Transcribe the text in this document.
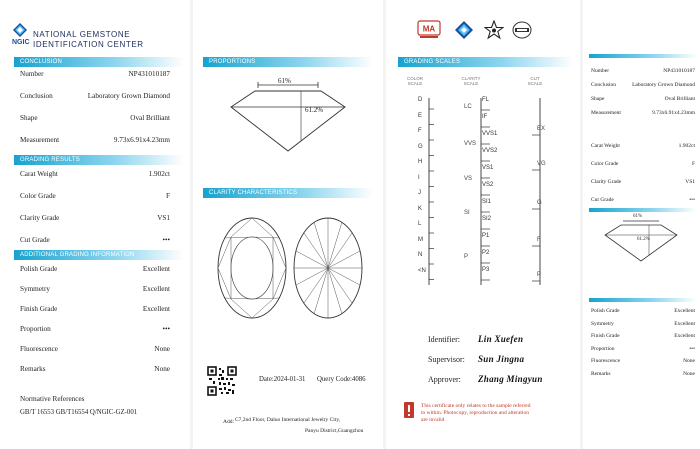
NGIC
NATIONAL GEMSTONE
IDENTIFICATION CENTER
CONCLUSION
Number	NP431010187
Conclusion	Laboratory Grown Diamond
Shape	Oval Brilliant
Measurement	9.73x6.91x4.23mm
GRADING RESULTS
Carat Weight	1.902ct
Color Grade	F
Clarity Grade	VS1
Cut Grade	•••
ADDITIONAL GRADING INFORMATION
Polish Grade	Excellent
Symmetry	Excellent
Finish Grade	Excellent
Proportion	•••
Fluorescence	None
Remarks	None
Normative References
GB/T 16553 GB/T16554 Q/NGIC-GZ-001
PROPORTIONS
61%
61.2%
CLARITY CHARACTERISTICS
Date:2024-01-31 Query Code:4086
Add：
C7,2nd Floor, Daluo International Jewelry City,
Panyu District,Guangzhou
MA
GRADING SCALES
COLOR
SCALE
CLARITY
SCALE
CUT
SCALE
D
E
F
G
H
I
J
K
L
M
N
<N
FL
IF
VVS1
VVS2
VS1
VS2
SI1
SI2
P1
P2
P3
LC
VVS
VS
SI
P
EX
VG
G
F
P
Identifier: Lin Xuefen
Supervisor: Sun Jingna
Approver: Zhang Mingyun
This certificate only relates to the sample referred
to within. Photocopy, reproduction and alteration
are invalid
Number	NP431010187
Conclusion	Laboratory Grown Diamond
Shape	Oval Brilliant
Measurement	9.73x6.91x4.23mm
Carat Weight	1.902ct
Color Grade	F
Clarity Grade	VS1
Cut Grade	•••
61%
61.2%
Polish Grade	Excellent
Symmetry	Excellent
Finish Grade	Excellent
Proportion	•••
Fluorescence	None
Remarks	None
